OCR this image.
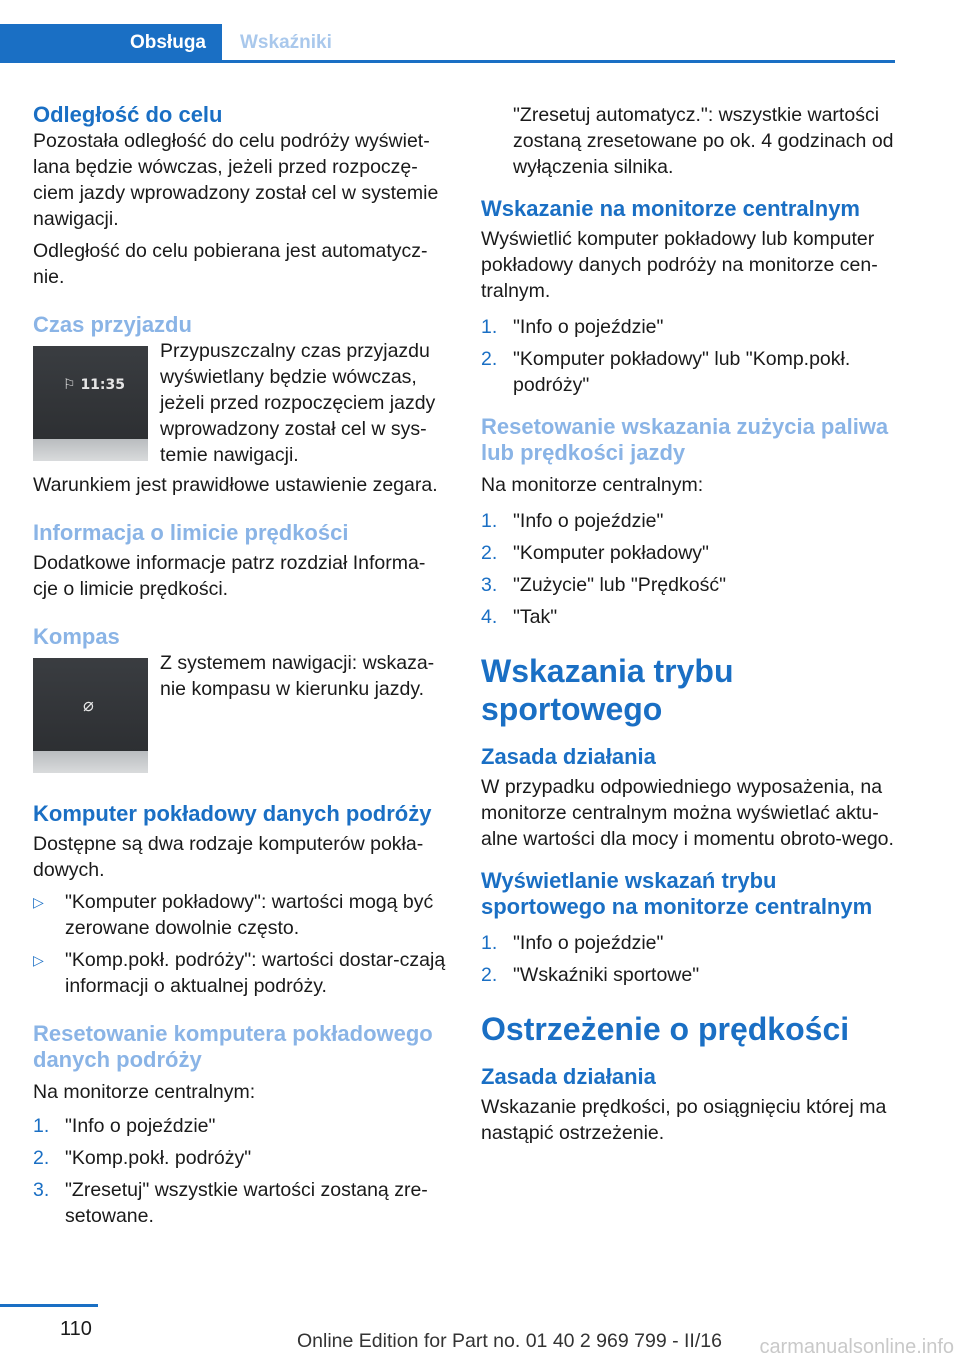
Obsługa	Wskaźniki
Odległość do celu

Pozostała odległość do celu podróży wyświet‐lana będzie wówczas, jeżeli przed rozpoczę‐ciem jazdy wprowadzony został cel w systemie nawigacji.

Odległość do celu pobierana jest automatycz‐nie.

Czas przyjazdu
⚐ 11:35

Przypuszczalny czas przyjazdu wyświetlany będzie wówczas, jeżeli przed rozpoczęciem jazdy wprowadzony został cel w sys‐temie nawigacji.

Warunkiem jest prawidłowe ustawienie zegara.

Informacja o limicie prędkości

Dodatkowe informacje patrz rozdział Informa‐cje o limicie prędkości.

Kompas
⌀

Z systemem nawigacji: wskaza‐nie kompasu w kierunku jazdy.

Komputer pokładowy danych podróży

Dostępne są dwa rodzaje komputerów pokła‐dowych.

▷	"Komputer pokładowy": wartości mogą być zerowane dowolnie często.
▷	"Komp.pokł. podróży": wartości dostar‐czają informacji o aktualnej podróży.
Resetowanie komputera pokładowego danych podróży

Na monitorze centralnym:

1. "Info o pojeździe"
2. "Komp.pokł. podróży"
3. "Zresetuj" wszystkie wartości zostaną zre‐setowane.

"Zresetuj automatycz.": wszystkie wartości zostaną zresetowane po ok. 4 godzinach od wyłączenia silnika.

Wskazanie na monitorze centralnym

Wyświetlić komputer pokładowy lub komputer pokładowy danych podróży na monitorze cen‐tralnym.

1. "Info o pojeździe"
2. "Komputer pokładowy" lub "Komp.pokł. podróży"
Resetowanie wskazania zużycia paliwa lub prędkości jazdy

Na monitorze centralnym:

1. "Info o pojeździe"
2. "Komputer pokładowy"
3. "Zużycie" lub "Prędkość"
4. "Tak"
Wskazania trybu sportowego
Zasada działania

W przypadku odpowiedniego wyposażenia, na monitorze centralnym można wyświetlać aktu‐alne wartości dla mocy i momentu obroto‐wego.

Wyświetlanie wskazań trybu sportowego na monitorze centralnym
1. "Info o pojeździe"
2. "Wskaźniki sportowe"
Ostrzeżenie o prędkości
Zasada działania

Wskazanie prędkości, po osiągnięciu której ma nastąpić ostrzeżenie.

110
Online Edition for Part no. 01 40 2 969 799 - II/16 carmanualsonline.info
